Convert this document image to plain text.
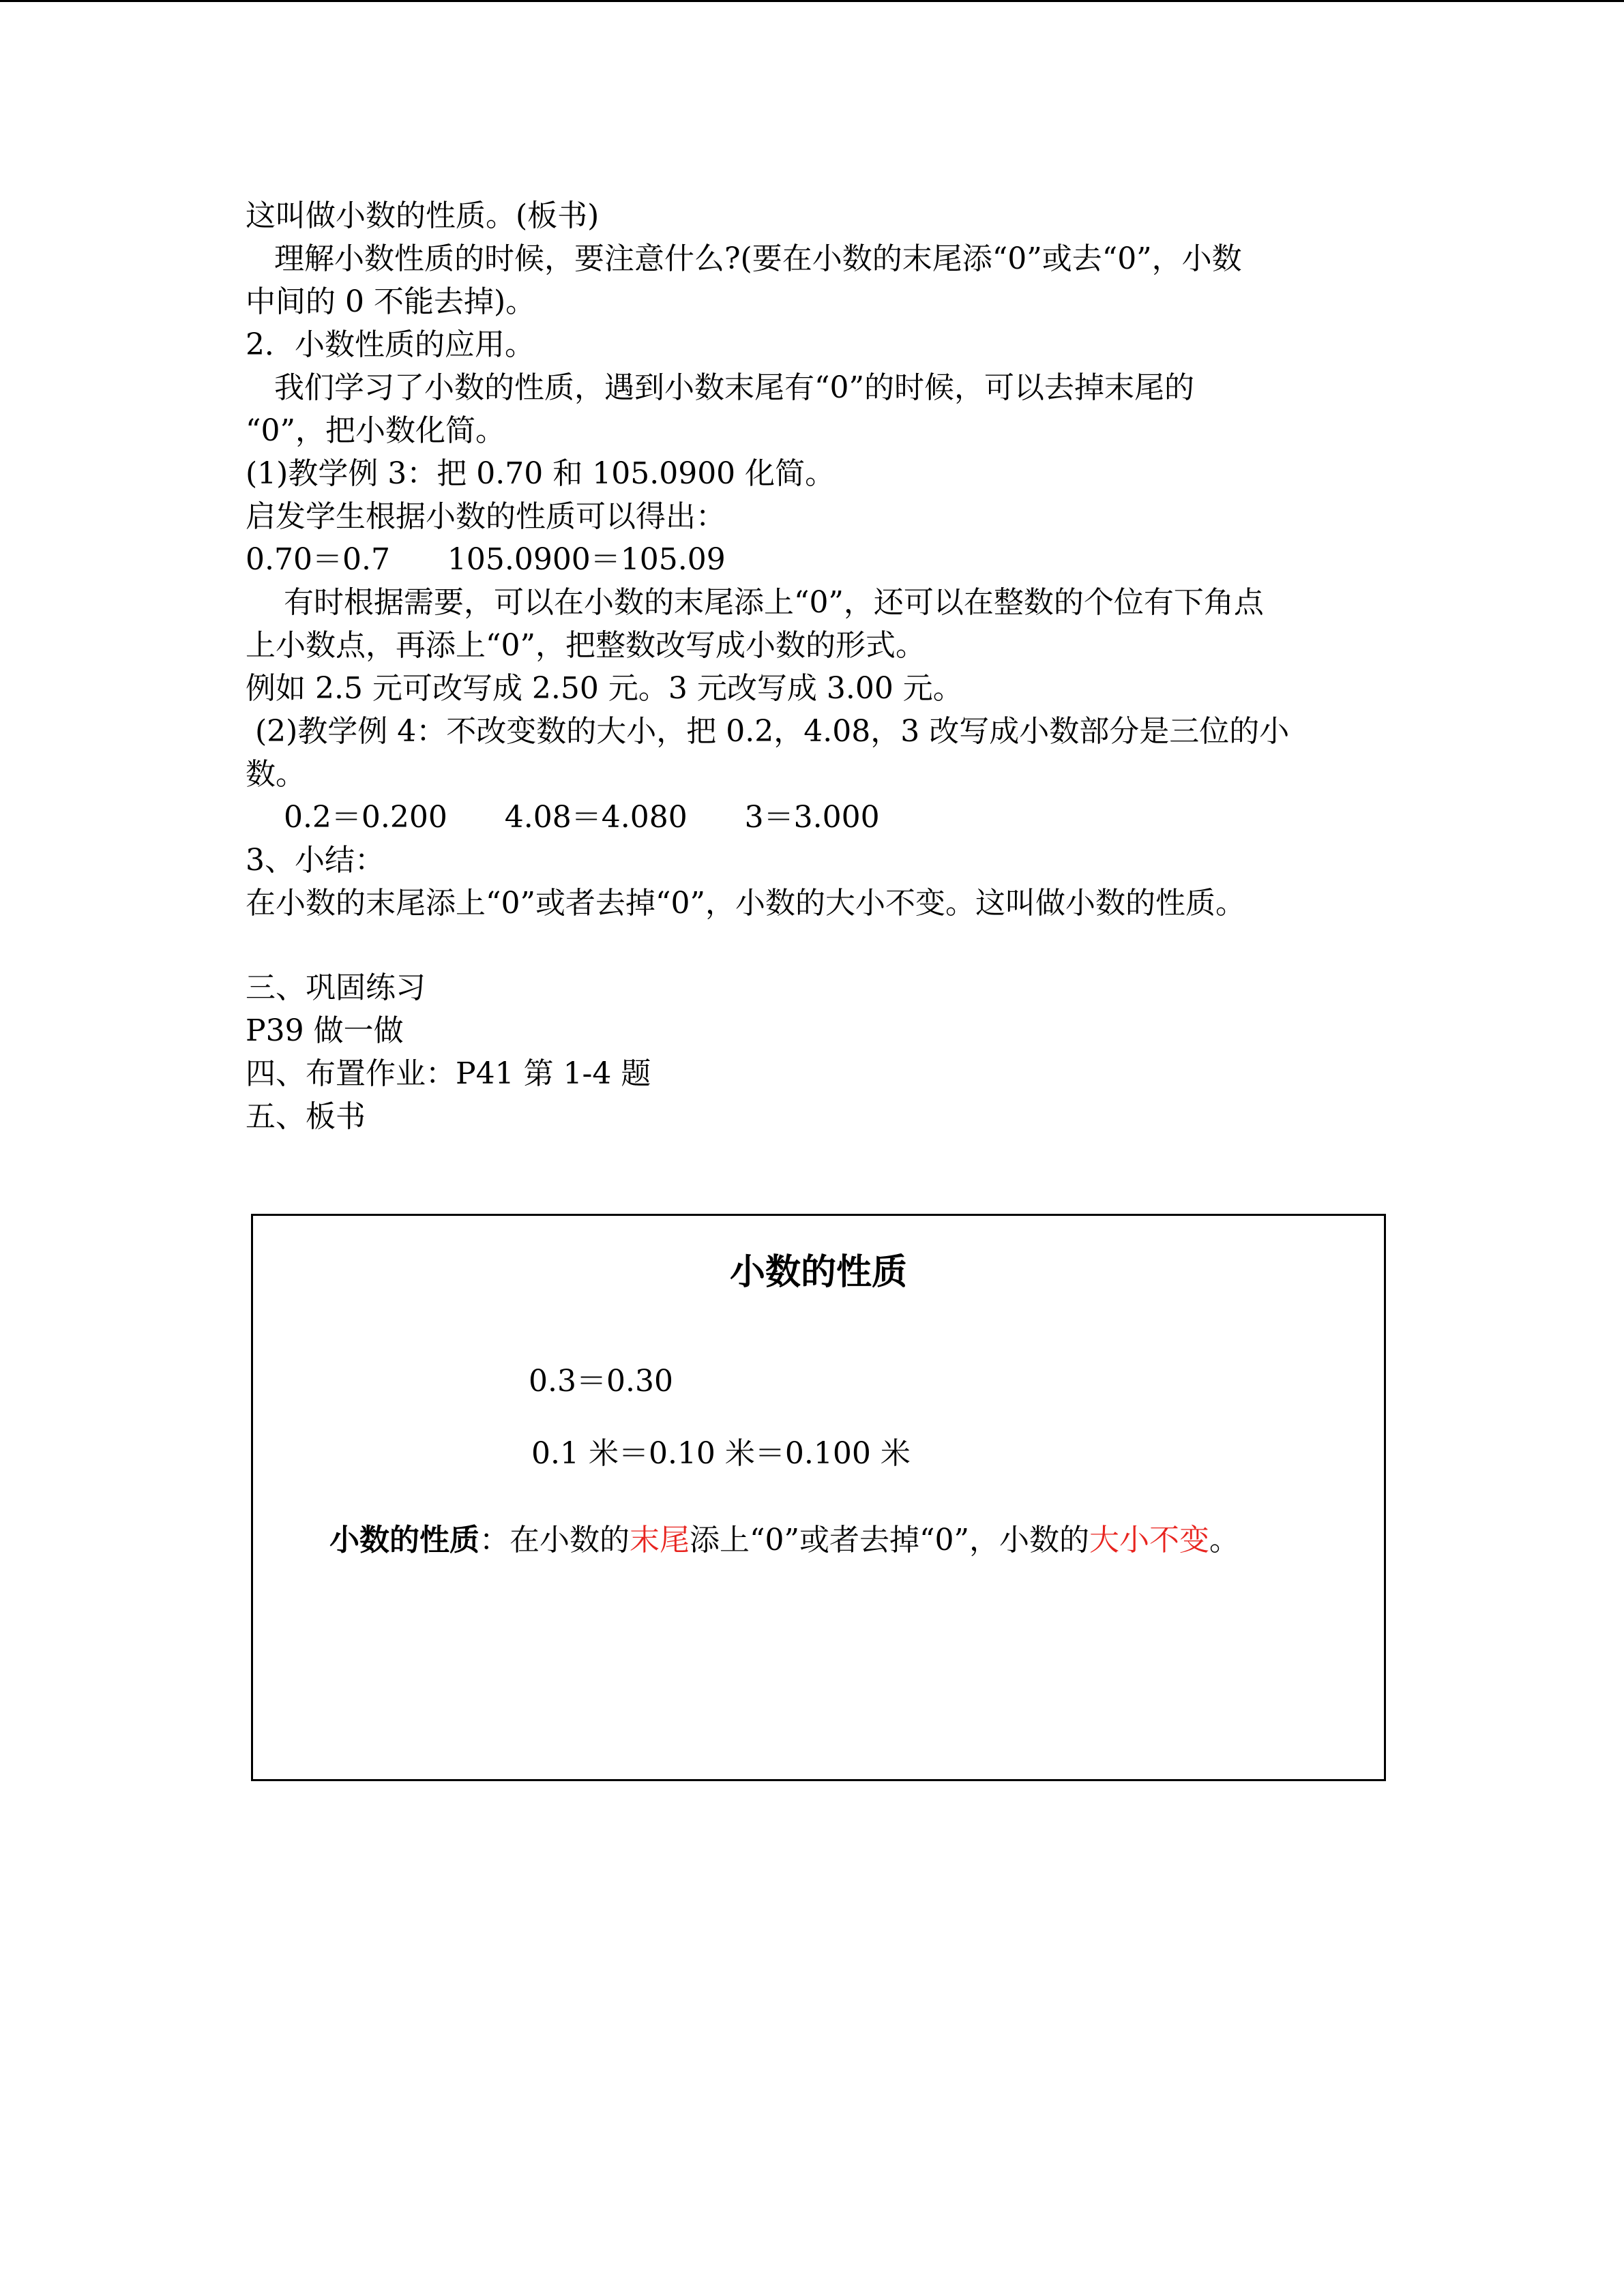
这叫做小数的性质。(板书)
理解小数性质的时候，要注意什么?(要在小数的末尾添“0”或去“0”，小数
中间的 0 不能去掉)。
2．小数性质的应用。
我们学习了小数的性质，遇到小数末尾有“0”的时候，可以去掉末尾的
“0”，把小数化简。
(1)教学例 3：把 0.70 和 105.0900 化简。
启发学生根据小数的性质可以得出：
0.70＝0.7      105.0900＝105.09
有时根据需要，可以在小数的末尾添上“0”，还可以在整数的个位有下角点
上小数点，再添上“0”，把整数改写成小数的形式。
例如 2.5 元可改写成 2.50 元。3 元改写成 3.00 元。
(2)教学例 4：不改变数的大小，把 0.2，4.08，3 改写成小数部分是三位的小
数。
0.2＝0.200      4.08＝4.080      3＝3.000
3、小结：
在小数的末尾添上“0”或者去掉“0”，小数的大小不变。这叫做小数的性质。
三、巩固练习
P39 做一做
四、布置作业：P41 第 1-4 题
五、板书
小数的性质
0.3＝0.30
0.1 米＝0.10 米＝0.100 米
小数的性质：在小数的末尾添上“0”或者去掉“0”，小数的大小不变。
